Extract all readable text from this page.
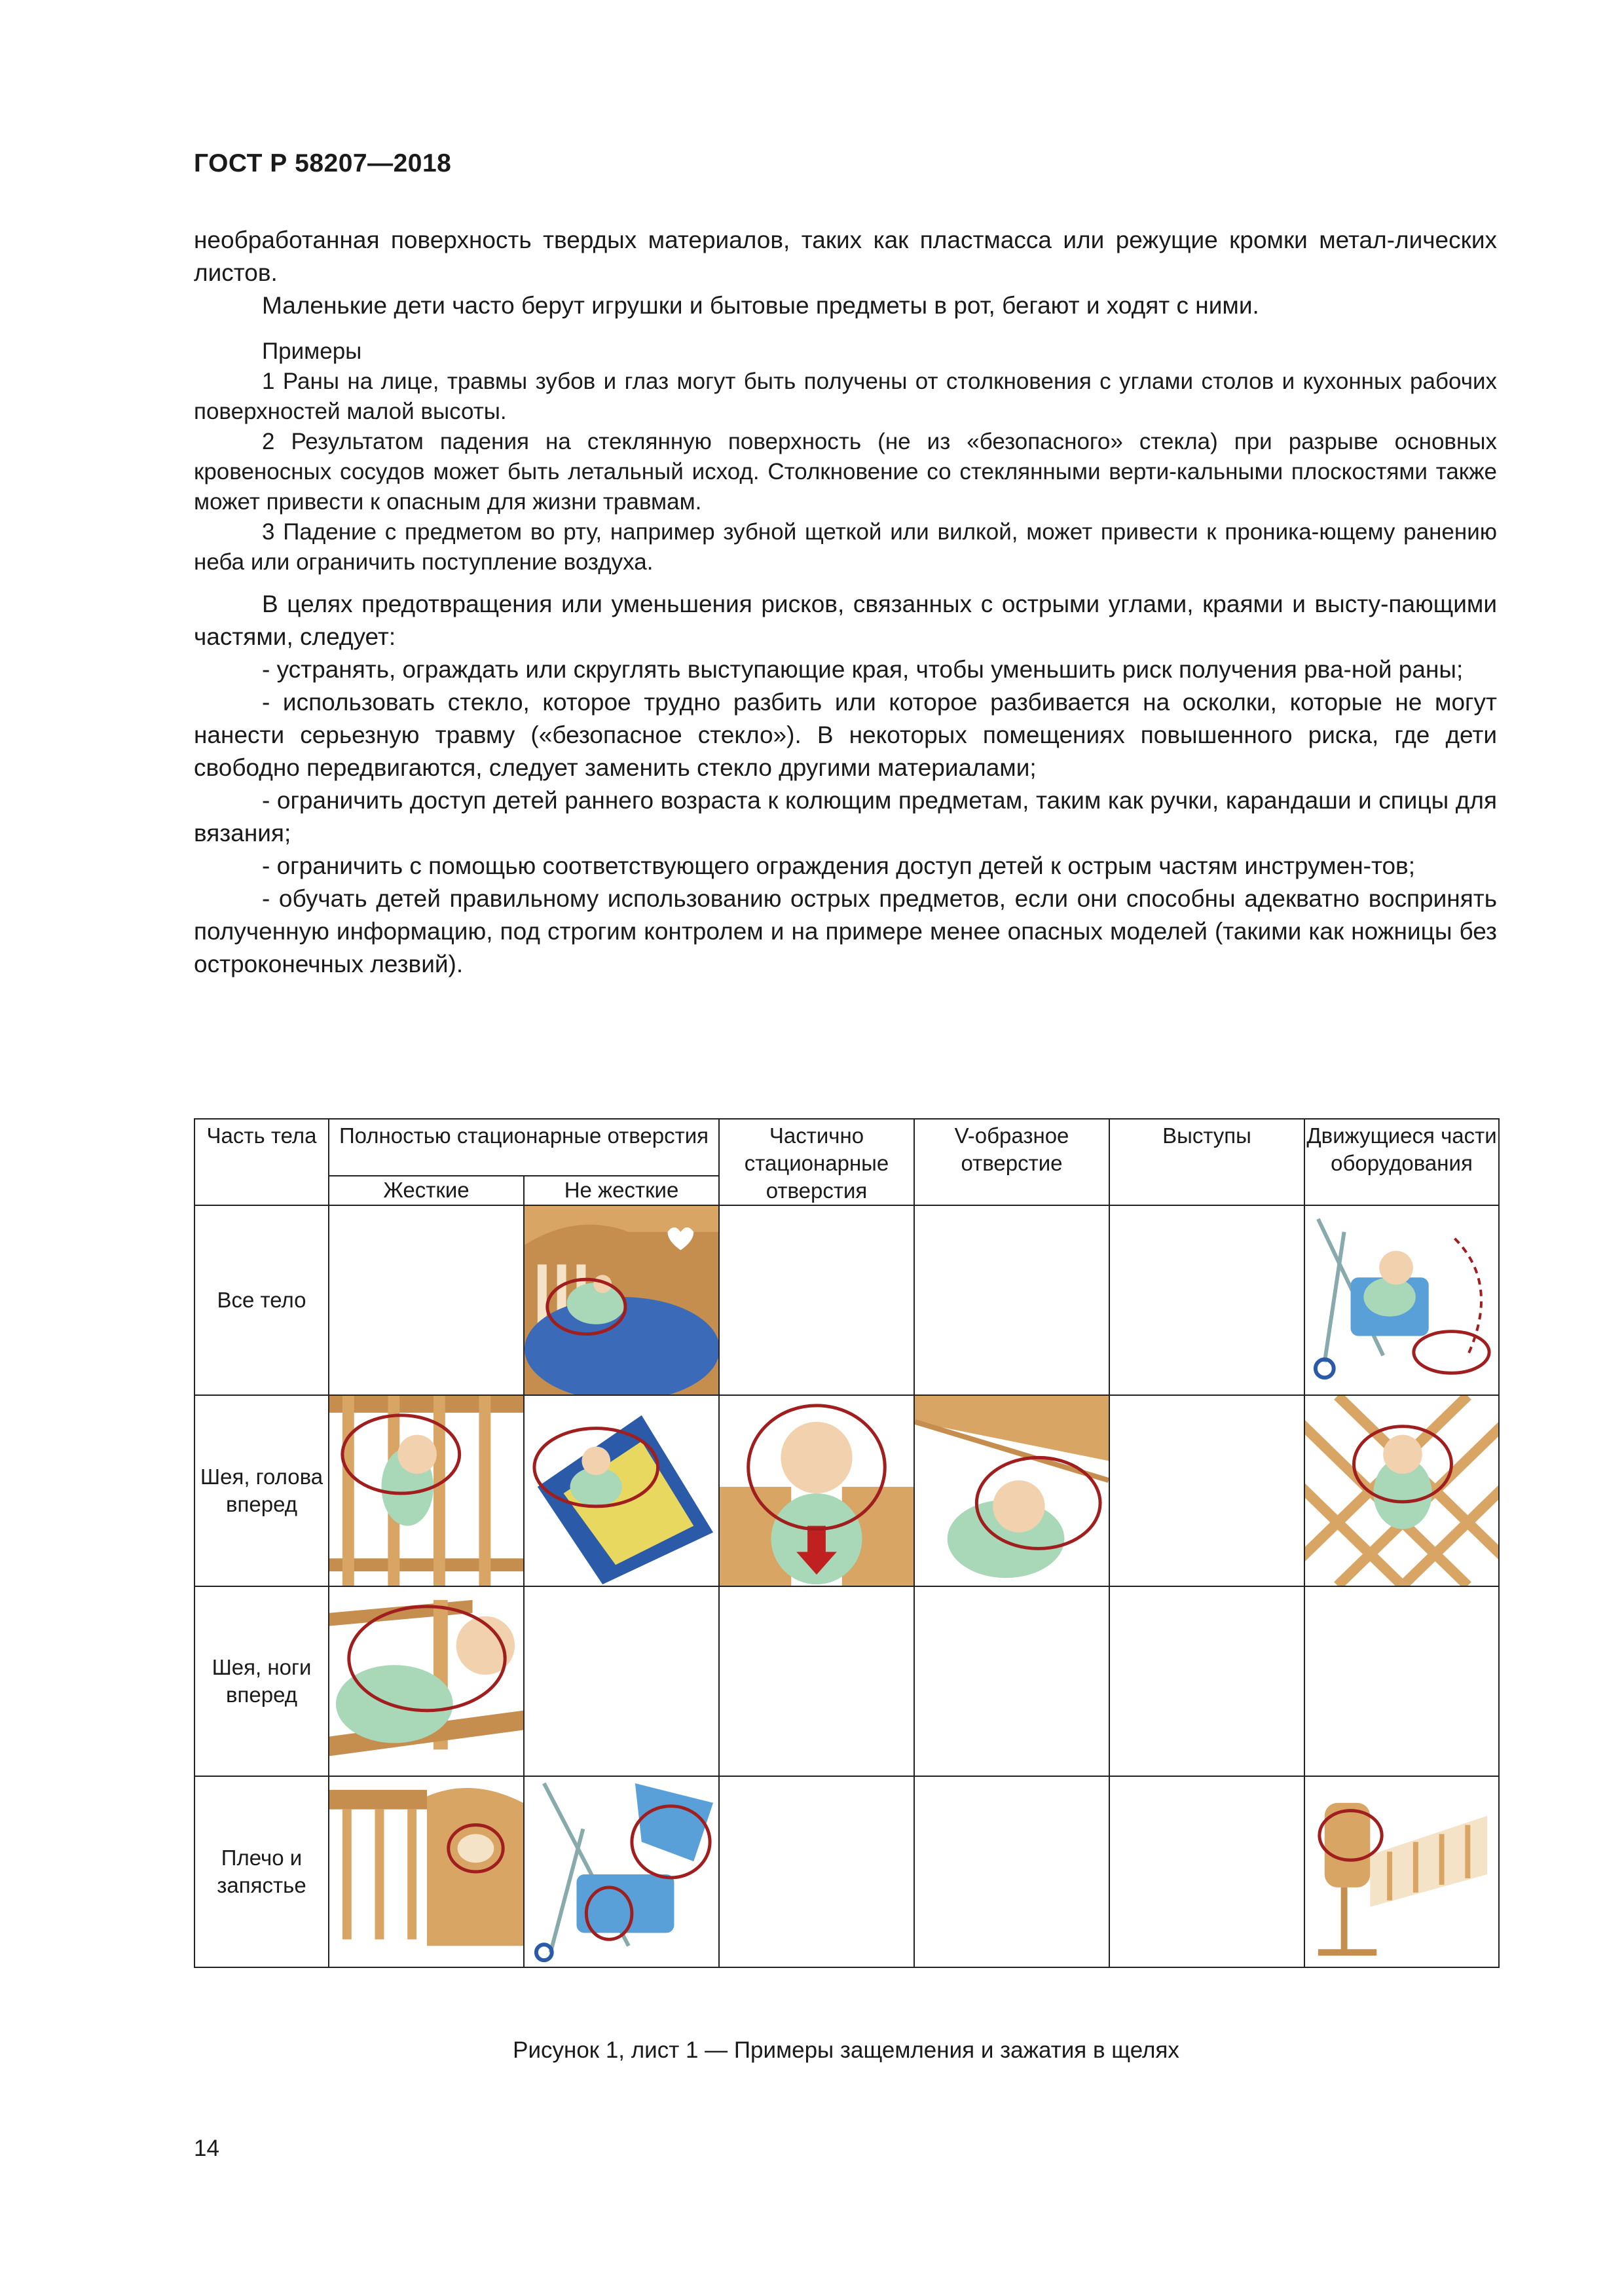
ГОСТ Р 58207—2018

необработанная поверхность твердых материалов, таких как пластмасса или режущие кромки метал-лических листов.

Маленькие дети часто берут игрушки и бытовые предметы в рот, бегают и ходят с ними.

Примеры

1 Раны на лице, травмы зубов и глаз могут быть получены от столкновения с углами столов и кухонных рабочих поверхностей малой высоты.

2 Результатом падения на стеклянную поверхность (не из «безопасного» стекла) при разрыве основных кровеносных сосудов может быть летальный исход. Столкновение со стеклянными верти-кальными плоскостями также может привести к опасным для жизни травмам.

3 Падение с предметом во рту, например зубной щеткой или вилкой, может привести к проника-ющему ранению неба или ограничить поступление воздуха.

В целях предотвращения или уменьшения рисков, связанных с острыми углами, краями и высту-пающими частями, следует:

- устранять, ограждать или скруглять выступающие края, чтобы уменьшить риск получения рва-ной раны;

- использовать стекло, которое трудно разбить или которое разбивается на осколки, которые не могут нанести серьезную травму («безопасное стекло»). В некоторых помещениях повышенного риска, где дети свободно передвигаются, следует заменить стекло другими материалами;

- ограничить доступ детей раннего возраста к колющим предметам, таким как ручки, карандаши и спицы для вязания;

- ограничить с помощью соответствующего ограждения доступ детей к острым частям инструмен-тов;

- обучать детей правильному использованию острых предметов, если они способны адекватно воспринять полученную информацию, под строгим контролем и на примере менее опасных моделей (такими как ножницы без остроконечных лезвий).

Часть тела	Полностью стационарные отверстия		Частично стационарные отверстия	V-образное отверстие	Выступы	Движущиеся части оборудования
	Жесткие	Не жесткие				
Все тело		

Шея, голова вперед	

Шея, ноги вперед	

Плечо и запястье	

Рисунок 1, лист 1 — Примеры защемления и зажатия в щелях
14
